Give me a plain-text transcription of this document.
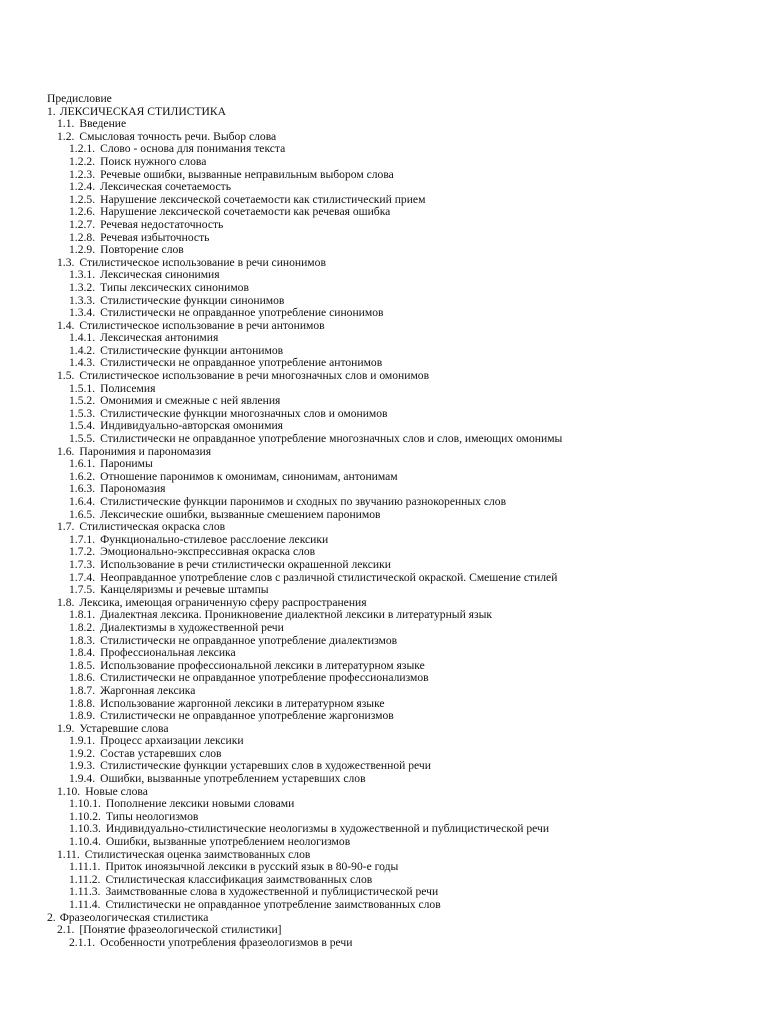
Предисловие
1. ЛЕКСИЧЕСКАЯ СТИЛИСТИКА
1.1. Введение
1.2. Смысловая точность речи. Выбор слова
1.2.1. Слово - основа для понимания текста
1.2.2. Поиск нужного слова
1.2.3. Речевые ошибки, вызванные неправильным выбором слова
1.2.4. Лексическая сочетаемость
1.2.5. Нарушение лексической сочетаемости как стилистический прием
1.2.6. Нарушение лексической сочетаемости как речевая ошибка
1.2.7. Речевая недостаточность
1.2.8. Речевая избыточность
1.2.9. Повторение слов
1.3. Стилистическое использование в речи синонимов
1.3.1. Лексическая синонимия
1.3.2. Типы лексических синонимов
1.3.3. Стилистические функции синонимов
1.3.4. Стилистически не оправданное употребление синонимов
1.4. Стилистическое использование в речи антонимов
1.4.1. Лексическая антонимия
1.4.2. Стилистические функции антонимов
1.4.3. Стилистически не оправданное употребление антонимов
1.5. Стилистическое использование в речи многозначных слов и омонимов
1.5.1. Полисемия
1.5.2. Омонимия и смежные с ней явления
1.5.3. Стилистические функции многозначных слов и омонимов
1.5.4. Индивидуально-авторская омонимия
1.5.5. Стилистически не оправданное употребление многозначных слов и слов, имеющих омонимы
1.6. Паронимия и парономазия
1.6.1. Паронимы
1.6.2. Отношение паронимов к омонимам, синонимам, антонимам
1.6.3. Парономазия
1.6.4. Стилистические функции паронимов и сходных по звучанию разнокоренных слов
1.6.5. Лексические ошибки, вызванные смешением паронимов
1.7. Стилистическая окраска слов
1.7.1. Функционально-стилевое расслоение лексики
1.7.2. Эмоционально-экспрессивная окраска слов
1.7.3. Использование в речи стилистически окрашенной лексики
1.7.4. Неоправданное употребление слов с различной стилистической окраской. Смешение стилей
1.7.5. Канцеляризмы и речевые штампы
1.8. Лексика, имеющая ограниченную сферу распространения
1.8.1. Диалектная лексика. Проникновение диалектной лексики в литературный язык
1.8.2. Диалектизмы в художественной речи
1.8.3. Стилистически не оправданное употребление диалектизмов
1.8.4. Профессиональная лексика
1.8.5. Использование профессиональной лексики в литературном языке
1.8.6. Стилистически не оправданное употребление профессионализмов
1.8.7. Жаргонная лексика
1.8.8. Использование жаргонной лексики в литературном языке
1.8.9. Стилистически не оправданное употребление жаргонизмов
1.9. Устаревшие слова
1.9.1. Процесс архаизации лексики
1.9.2. Состав устаревших слов
1.9.3. Стилистические функции устаревших слов в художественной речи
1.9.4. Ошибки, вызванные употреблением устаревших слов
1.10. Новые слова
1.10.1. Пополнение лексики новыми словами
1.10.2. Типы неологизмов
1.10.3. Индивидуально-стилистические неологизмы в художественной и публицистической речи
1.10.4. Ошибки, вызванные употреблением неологизмов
1.11. Стилистическая оценка заимствованных слов
1.11.1. Приток иноязычной лексики в русский язык в 80-90-е годы
1.11.2. Стилистическая классификация заимствованных слов
1.11.3. Заимствованные слова в художественной и публицистической речи
1.11.4. Стилистически не оправданное употребление заимствованных слов
2. Фразеологическая стилистика
2.1. [Понятие фразеологической стилистики]
2.1.1. Особенности употребления фразеологизмов в речи
